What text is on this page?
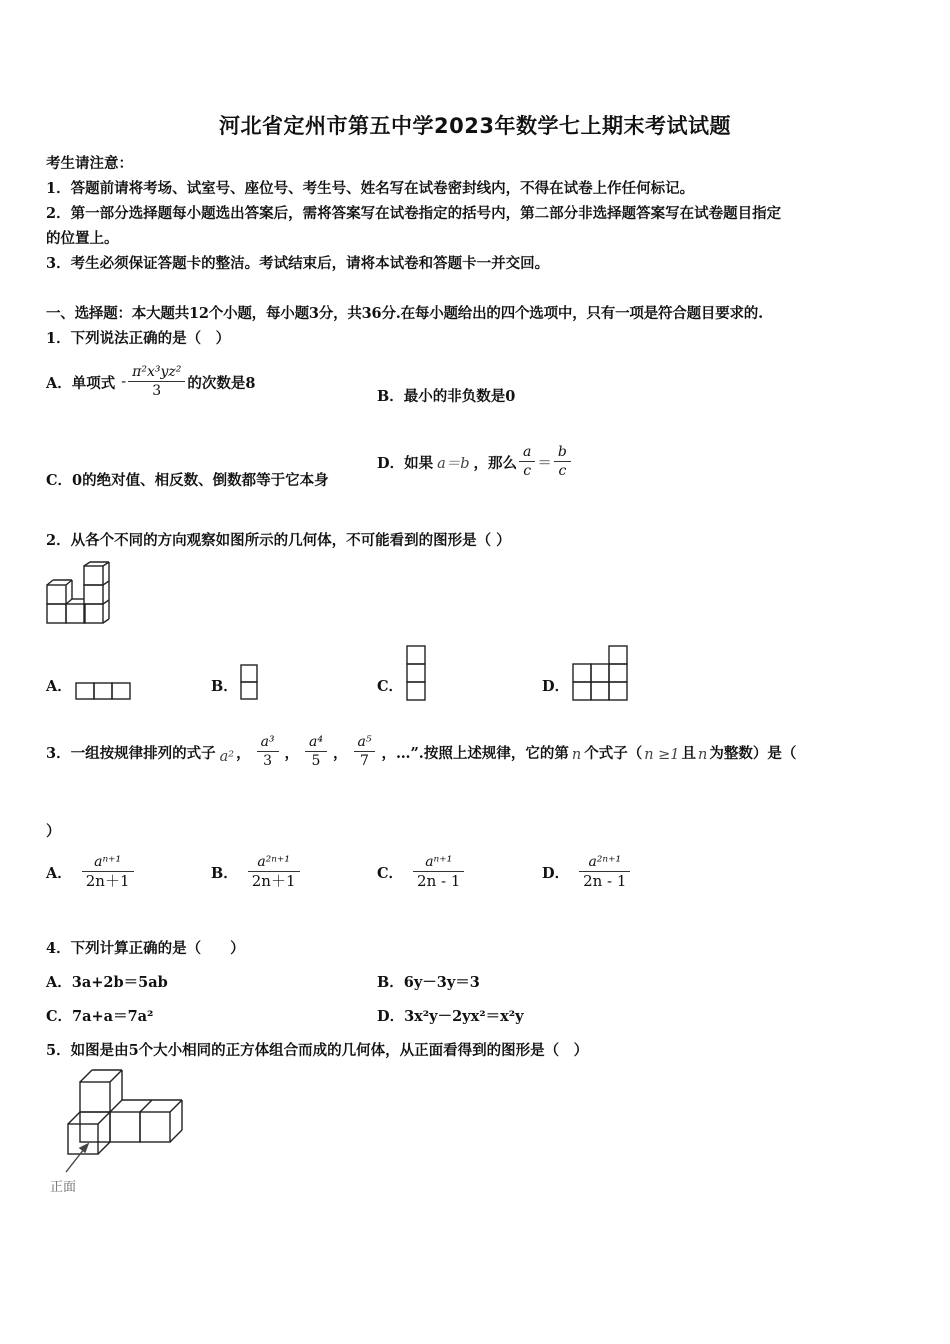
河北省定州市第五中学2023年数学七上期末考试试题
考生请注意：
1．答题前请将考场、试室号、座位号、考生号、姓名写在试卷密封线内，不得在试卷上作任何标记。
2．第一部分选择题每小题选出答案后，需将答案写在试卷指定的括号内，第二部分非选择题答案写在试卷题目指定
的位置上。
3．考生必须保证答题卡的整洁。考试结束后，请将本试卷和答题卡一并交回。
一、选择题：本大题共12个小题，每小题3分，共36分.在每小题给出的四个选项中，只有一项是符合题目要求的.
1．下列说法正确的是（　）
A．单项式 - $\frac{\text{π²x³yz²}}{3}$ 的次数是8
B．最小的非负数是0
C．0的绝对值、相反数、倒数都等于它本身
D．如果 a＝b ，那么 $\frac{a}{c} = \frac{b}{c}$
2．从各个不同的方向观察如图所示的几何体，不可能看到的图形是（ ）
A．	B．	C．	D．
3．一组按规律排列的式子 a² ， $\frac{\text{a³}}{3}$ ， $\frac{\text{a⁴}}{5}$ ， $\frac{\text{a⁵}}{7}$ ，…”.按照上述规律，它的第 n 个式子（ n ≥1 且 n 为整数）是（
）
A． $\frac{\text{aⁿ⁺¹}}{2n+1}$	B． $\frac{\text{a²ⁿ⁺¹}}{2n+1}$	C． $\frac{\text{aⁿ⁺¹}}{2n - 1}$	D． $\frac{\text{a²ⁿ⁺¹}}{2n - 1}$
4．下列计算正确的是（　　）
A．3a+2b＝5ab	B．6y－3y＝3
C．7a+a＝7a²	D．3x²y－2yx²＝x²y
5．如图是由5个大小相同的正方体组合而成的几何体，从正面看得到的图形是（　）
正面
